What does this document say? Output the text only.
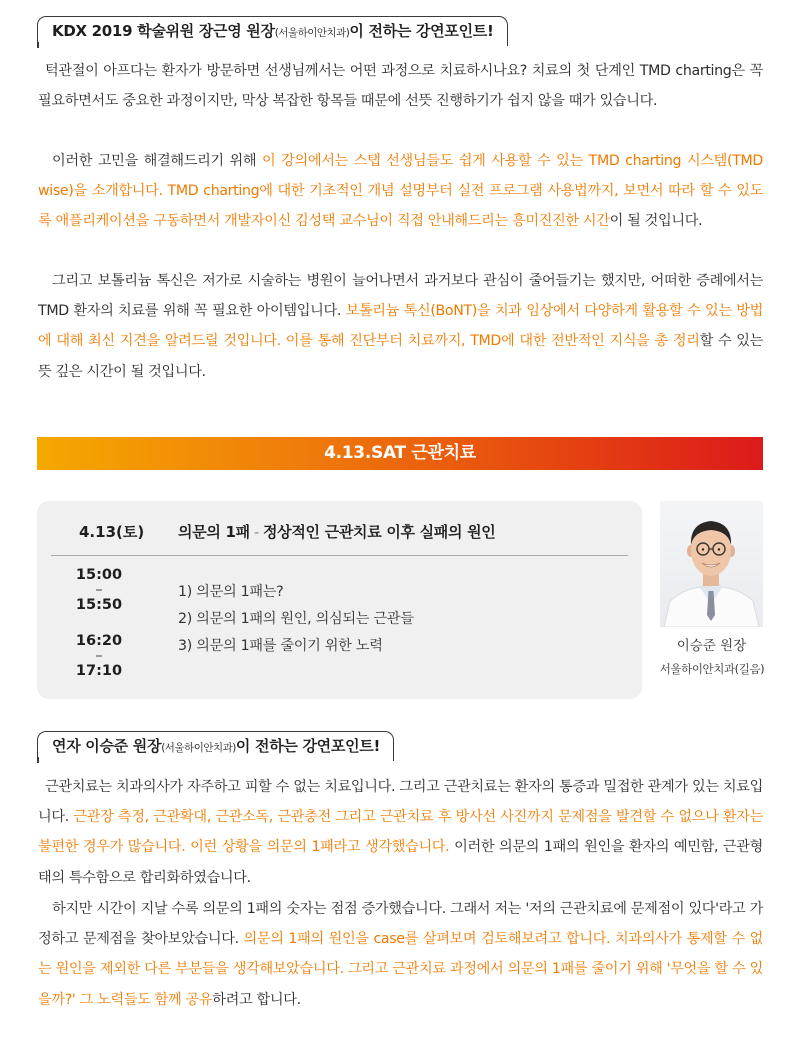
KDX 2019 학술위원 장근영 원장(서울하이안치과)이 전하는 강연포인트!

턱관절이 아프다는 환자가 방문하면 선생님께서는 어떤 과정으로 치료하시나요? 치료의 첫 단계인 TMD charting은 꼭 필요하면서도 중요한 과정이지만, 막상 복잡한 항목들 때문에 선뜻 진행하기가 쉽지 않을 때가 있습니다.

이러한 고민을 해결해드리기 위해 이 강의에서는 스탭 선생님들도 쉽게 사용할 수 있는 TMD charting 시스템(TMD wise)을 소개합니다. TMD charting에 대한 기초적인 개념 설명부터 실전 프로그램 사용법까지, 보면서 따라 할 수 있도록 애플리케이션을 구동하면서 개발자이신 김성택 교수님이 직접 안내해드리는 흥미진진한 시간이 될 것입니다.

그리고 보톨리늄 톡신은 저가로 시술하는 병원이 늘어나면서 과거보다 관심이 줄어들기는 했지만, 어떠한 증례에서는 TMD 환자의 치료를 위해 꼭 필요한 아이템입니다. 보톨리늄 톡신(BoNT)을 치과 임상에서 다양하게 활용할 수 있는 방법에 대해 최신 지견을 알려드릴 것입니다. 이를 통해 진단부터 치료까지, TMD에 대한 전반적인 지식을 총 정리할 수 있는 뜻 깊은 시간이 될 것입니다.

4.13.SAT 근관치료
4.13(토) 의문의 1패 - 정상적인 근관치료 이후 실패의 원인
15:00
–
15:50
16:20
–
17:10
1) 의문의 1패는?
2) 의문의 1패의 원인, 의심되는 근관들
3) 의문의 1패를 줄이기 위한 노력	이승준 원장
서울하이안치과(길음)
연자 이승준 원장(서울하이안치과)이 전하는 강연포인트!

근관치료는 치과의사가 자주하고 피할 수 없는 치료입니다. 그리고 근관치료는 환자의 통증과 밀접한 관계가 있는 치료입니다. 근관장 측정, 근관확대, 근관소독, 근관충전 그리고 근관치료 후 방사선 사진까지 문제점을 발견할 수 없으나 환자는 불편한 경우가 많습니다. 이런 상황을 의문의 1패라고 생각했습니다. 이러한 의문의 1패의 원인을 환자의 예민함, 근관형태의 특수함으로 합리화하였습니다.

하지만 시간이 지날 수록 의문의 1패의 숫자는 점점 증가했습니다. 그래서 저는 '저의 근관치료에 문제점이 있다'라고 가정하고 문제점을 찾아보았습니다. 의문의 1패의 원인을 case를 살펴보며 검토해보려고 합니다. 치과의사가 통제할 수 없는 원인을 제외한 다른 부분들을 생각해보았습니다. 그리고 근관치료 과정에서 의문의 1패를 줄이기 위해 '무엇을 할 수 있을까?' 그 노력들도 함께 공유하려고 합니다.
